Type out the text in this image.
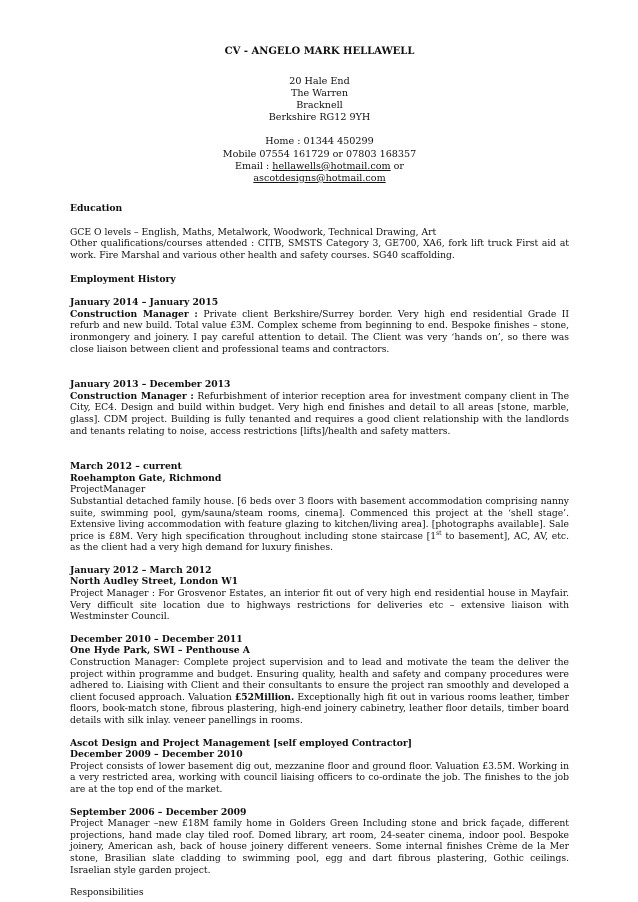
CV - ANGELO MARK HELLAWELL
20 Hale End
The Warren
Bracknell
Berkshire RG12 9YH
Home : 01344 450299
Mobile 07554 161729 or 07803 168357
Email : hellawells@hotmail.com or
ascotdesigns@hotmail.com
Education
GCE O levels – English, Maths, Metalwork, Woodwork, Technical Drawing, Art
Other qualifications/courses attended : CITB, SMSTS Category 3, GE700, XA6, fork lift truck First aid at work. Fire Marshal and various other health and safety courses. SG40 scaffolding.
Employment History
January 2014 – January 2015
Construction Manager : Private client Berkshire/Surrey border. Very high end residential Grade II refurb and new build. Total value £3M. Complex scheme from beginning to end. Bespoke finishes – stone, ironmongery and joinery. I pay careful attention to detail. The Client was very ‘hands on’, so there was close liaison between client and professional teams and contractors.
January 2013 – December 2013
Construction Manager : Refurbishment of interior reception area for investment company client in The City, EC4. Design and build within budget. Very high end finishes and detail to all areas [stone, marble, glass]. CDM project. Building is fully tenanted and requires a good client relationship with the landlords and tenants relating to noise, access restrictions [lifts]/health and safety matters.
March 2012 – current
Roehampton Gate, Richmond
ProjectManager
Substantial detached family house. [6 beds over 3 floors with basement accommodation comprising nanny suite, swimming pool, gym/sauna/steam rooms, cinema]. Commenced this project at the ‘shell stage’. Extensive living accommodation with feature glazing to kitchen/living area]. [photographs available]. Sale price is £8M. Very high specification throughout including stone staircase [1st to basement], AC, AV, etc. as the client had a very high demand for luxury finishes.
January 2012 – March 2012
North Audley Street, London W1
Project Manager : For Grosvenor Estates, an interior fit out of very high end residential house in Mayfair. Very difficult site location due to highways restrictions for deliveries etc – extensive liaison with Westminster Council.
December 2010 – December 2011
One Hyde Park, SWI – Penthouse A
Construction Manager: Complete project supervision and to lead and motivate the team the deliver the project within programme and budget. Ensuring quality, health and safety and company procedures were adhered to. Liaising with Client and their consultants to ensure the project ran smoothly and developed a client focused approach. Valuation £52Million. Exceptionally high fit out in various rooms leather, timber floors, book-match stone, fibrous plastering, high-end joinery cabinetry, leather floor details, timber board details with silk inlay. veneer panellings in rooms.
Ascot Design and Project Management [self employed Contractor]
December 2009 – December 2010
Project consists of lower basement dig out, mezzanine floor and ground floor. Valuation £3.5M. Working in a very restricted area, working with council liaising officers to co-ordinate the job. The finishes to the job are at the top end of the market.
September 2006 – December 2009
Project Manager –new £18M family home in Golders Green Including stone and brick façade, different projections, hand made clay tiled roof. Domed library, art room, 24-seater cinema, indoor pool. Bespoke joinery, American ash, back of house joinery different veneers. Some internal finishes Crème de la Mer stone, Brasilian slate cladding to swimming pool, egg and dart fibrous plastering, Gothic ceilings. Israelian style garden project.
Responsibilities
